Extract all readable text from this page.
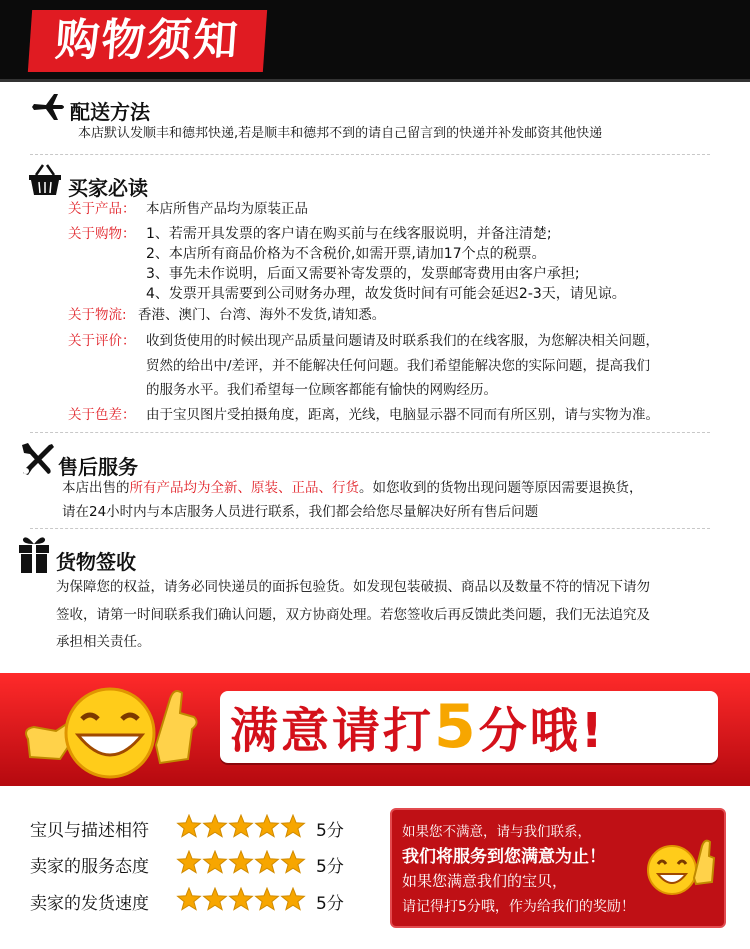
购物须知
配送方法
本店默认发顺丰和德邦快递,若是顺丰和德邦不到的请自己留言到的快递并补发邮资其他快递
买家必读
关于产品： 本店所售产品均为原装正品
关于购物： 1、若需开具发票的客户请在购买前与在线客服说明，并备注清楚;
2、本店所有商品价格为不含税价,如需开票,请加17个点的税票。
3、事先未作说明，后面又需要补寄发票的，发票邮寄费用由客户承担;
4、发票开具需要到公司财务办理，故发货时间有可能会延迟2-3天，请见谅。
关于物流: 香港、澳门、台湾、海外不发货,请知悉。
关于评价： 收到货使用的时候出现产品质量问题请及时联系我们的在线客服，为您解决相关问题，
贸然的给出中/差评，并不能解决任何问题。我们希望能解决您的实际问题，提高我们
的服务水平。我们希望每一位顾客都能有愉快的网购经历。
关于色差： 由于宝贝图片受拍摄角度，距离，光线，电脑显示器不同而有所区别，请与实物为准。
售后服务
本店出售的所有产品均为全新、原装、正品、行货。如您收到的货物出现问题等原因需要退换货，
请在24小时内与本店服务人员进行联系，我们都会给您尽量解决好所有售后问题
货物签收
为保障您的权益，请务必同快递员的面拆包验货。如发现包装破损、商品以及数量不符的情况下请勿
签收，请第一时间联系我们确认问题，双方协商处理。若您签收后再反馈此类问题，我们无法追究及
承担相关责任。
满意请打5分哦!
宝贝与描述相符	5分
卖家的服务态度	5分
卖家的发货速度	5分
如果您不满意，请与我们联系，
我们将服务到您满意为止！
如果您满意我们的宝贝，
请记得打5分哦，作为给我们的奖励！
